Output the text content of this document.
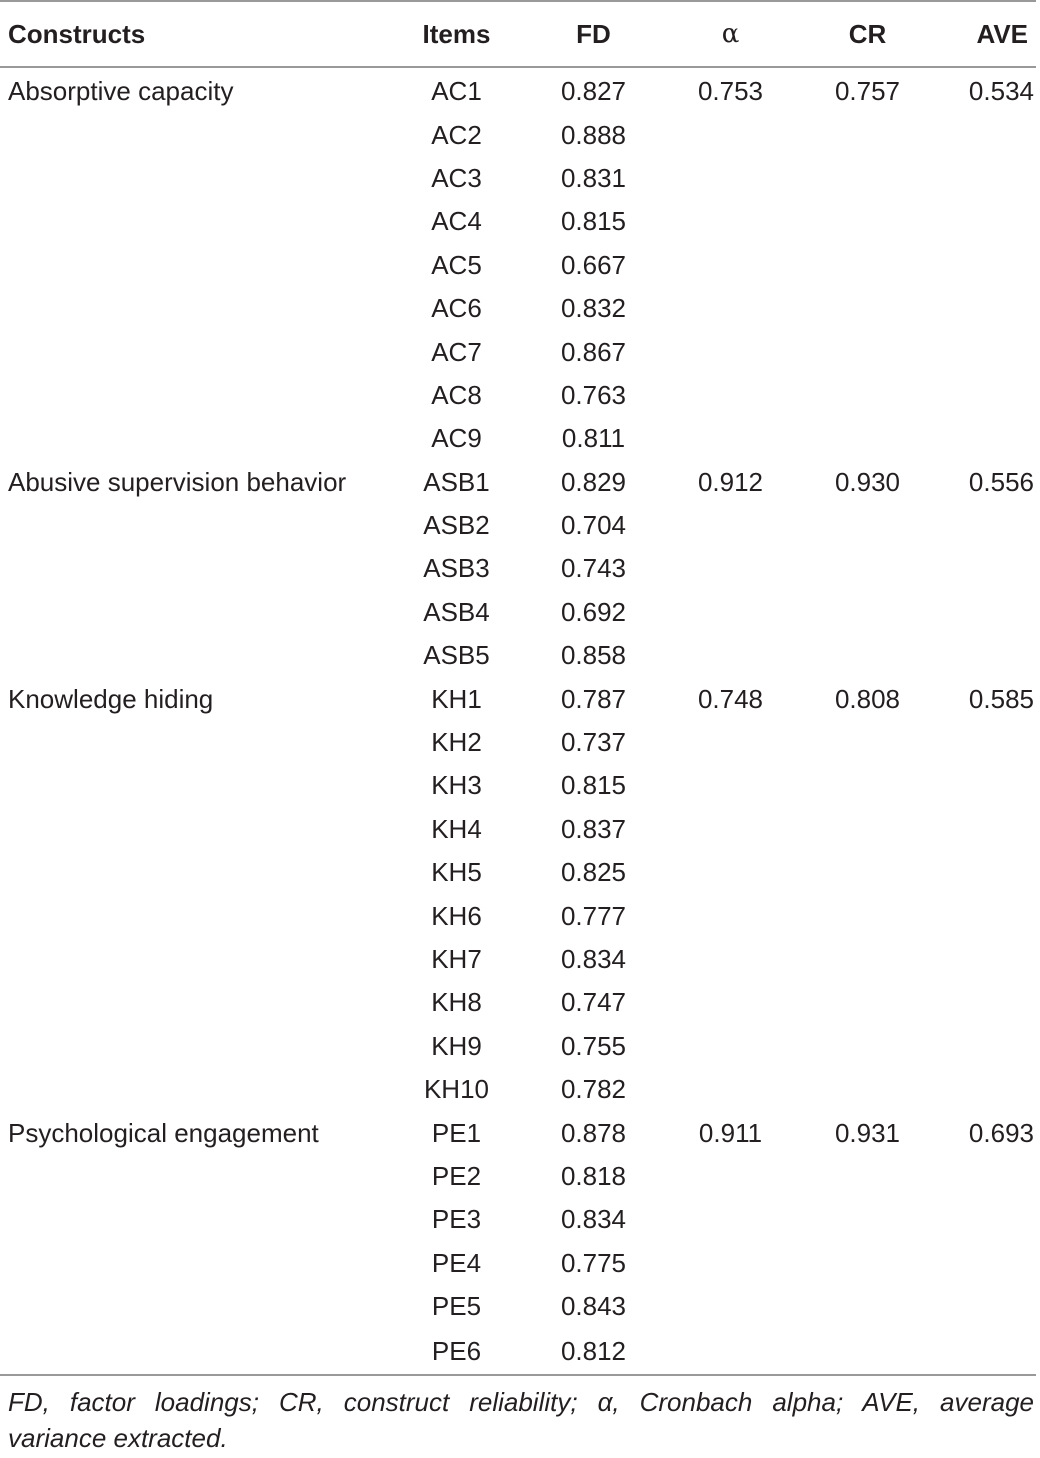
Constructs	Items	FD	α	CR	AVE
Absorptive capacity	AC1	0.827	0.753	0.757	0.534
	AC2	0.888			
	AC3	0.831			
	AC4	0.815			
	AC5	0.667			
	AC6	0.832			
	AC7	0.867			
	AC8	0.763			
	AC9	0.811			
Abusive supervision behavior	ASB1	0.829	0.912	0.930	0.556
	ASB2	0.704			
	ASB3	0.743			
	ASB4	0.692			
	ASB5	0.858			
Knowledge hiding	KH1	0.787	0.748	0.808	0.585
	KH2	0.737			
	KH3	0.815			
	KH4	0.837			
	KH5	0.825			
	KH6	0.777			
	KH7	0.834			
	KH8	0.747			
	KH9	0.755			
	KH10	0.782			
Psychological engagement	PE1	0.878	0.911	0.931	0.693
	PE2	0.818			
	PE3	0.834			
	PE4	0.775			
	PE5	0.843			
	PE6	0.812			
FD, factor loadings; CR, construct reliability; α, Cronbach alpha; AVE, average
variance extracted.
